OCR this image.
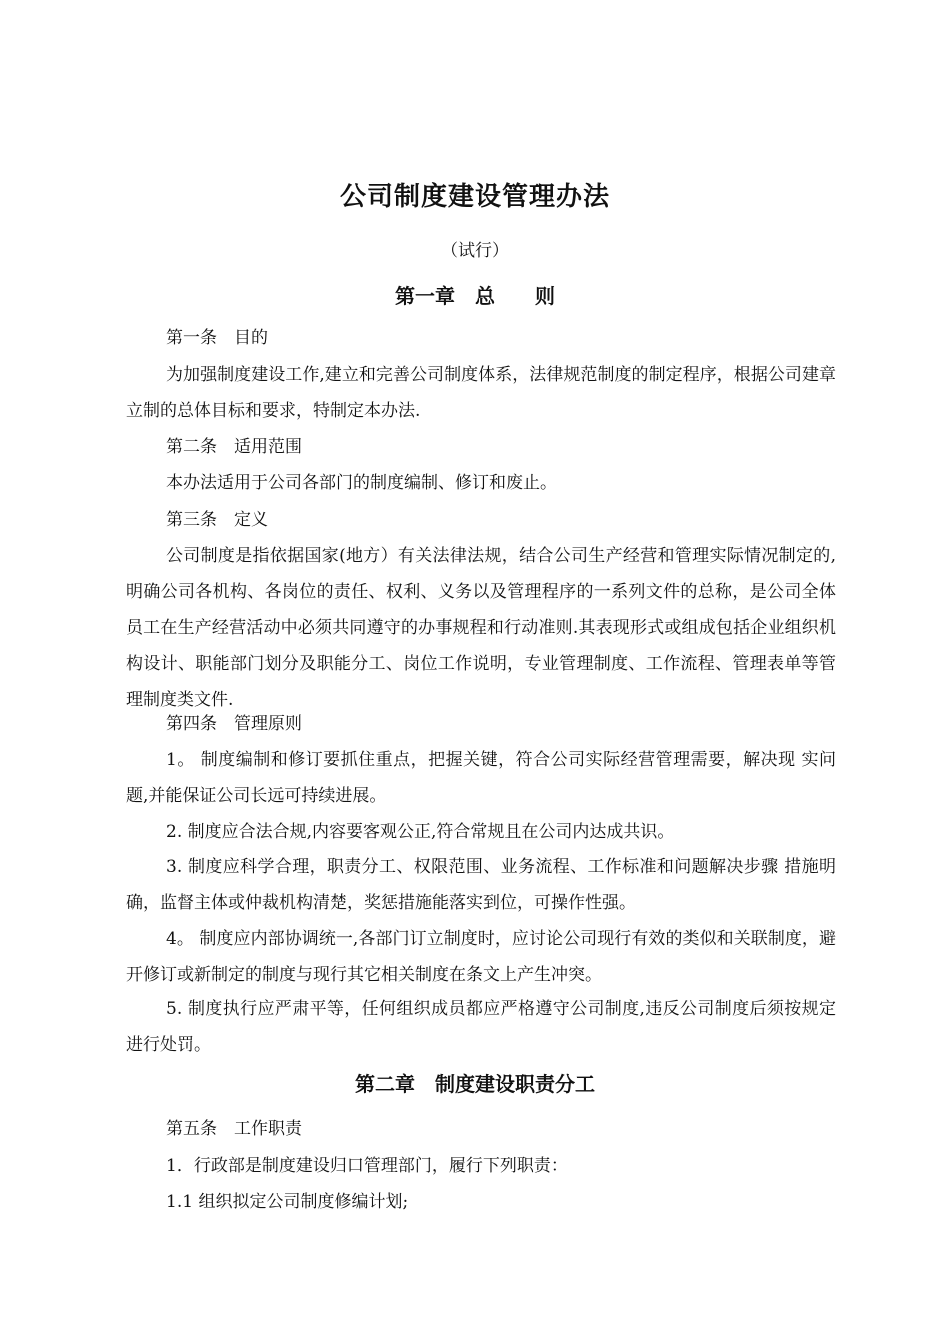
公司制度建设管理办法
（试行）
第一章　总　　则
第一条　目的
为加强制度建设工作,建立和完善公司制度体系，法律规范制度的制定程序，根据公司建章立制的总体目标和要求，特制定本办法.
第二条　适用范围
本办法适用于公司各部门的制度编制、修订和废止。
第三条　定义
公司制度是指依据国家(地方）有关法律法规，结合公司生产经营和管理实际情况制定的,明确公司各机构、各岗位的责任、权利、义务以及管理程序的一系列文件的总称，是公司全体员工在生产经营活动中必须共同遵守的办事规程和行动准则.其表现形式或组成包括企业组织机构设计、职能部门划分及职能分工、岗位工作说明，专业管理制度、工作流程、管理表单等管理制度类文件.
第四条　管理原则
1。 制度编制和修订要抓住重点，把握关键，符合公司实际经营管理需要，解决现 实问题,并能保证公司长远可持续进展。
2. 制度应合法合规,内容要客观公正,符合常规且在公司内达成共识。
3. 制度应科学合理，职责分工、权限范围、业务流程、工作标准和问题解决步骤 措施明确，监督主体或仲裁机构清楚，奖惩措施能落实到位，可操作性强。
4。 制度应内部协调统一,各部门订立制度时，应讨论公司现行有效的类似和关联制度，避开修订或新制定的制度与现行其它相关制度在条文上产生冲突。
5. 制度执行应严肃平等，任何组织成员都应严格遵守公司制度,违反公司制度后须按规定进行处罚。
第二章　制度建设职责分工
第五条　工作职责
1．行政部是制度建设归口管理部门，履行下列职责：
1.1 组织拟定公司制度修编计划;
